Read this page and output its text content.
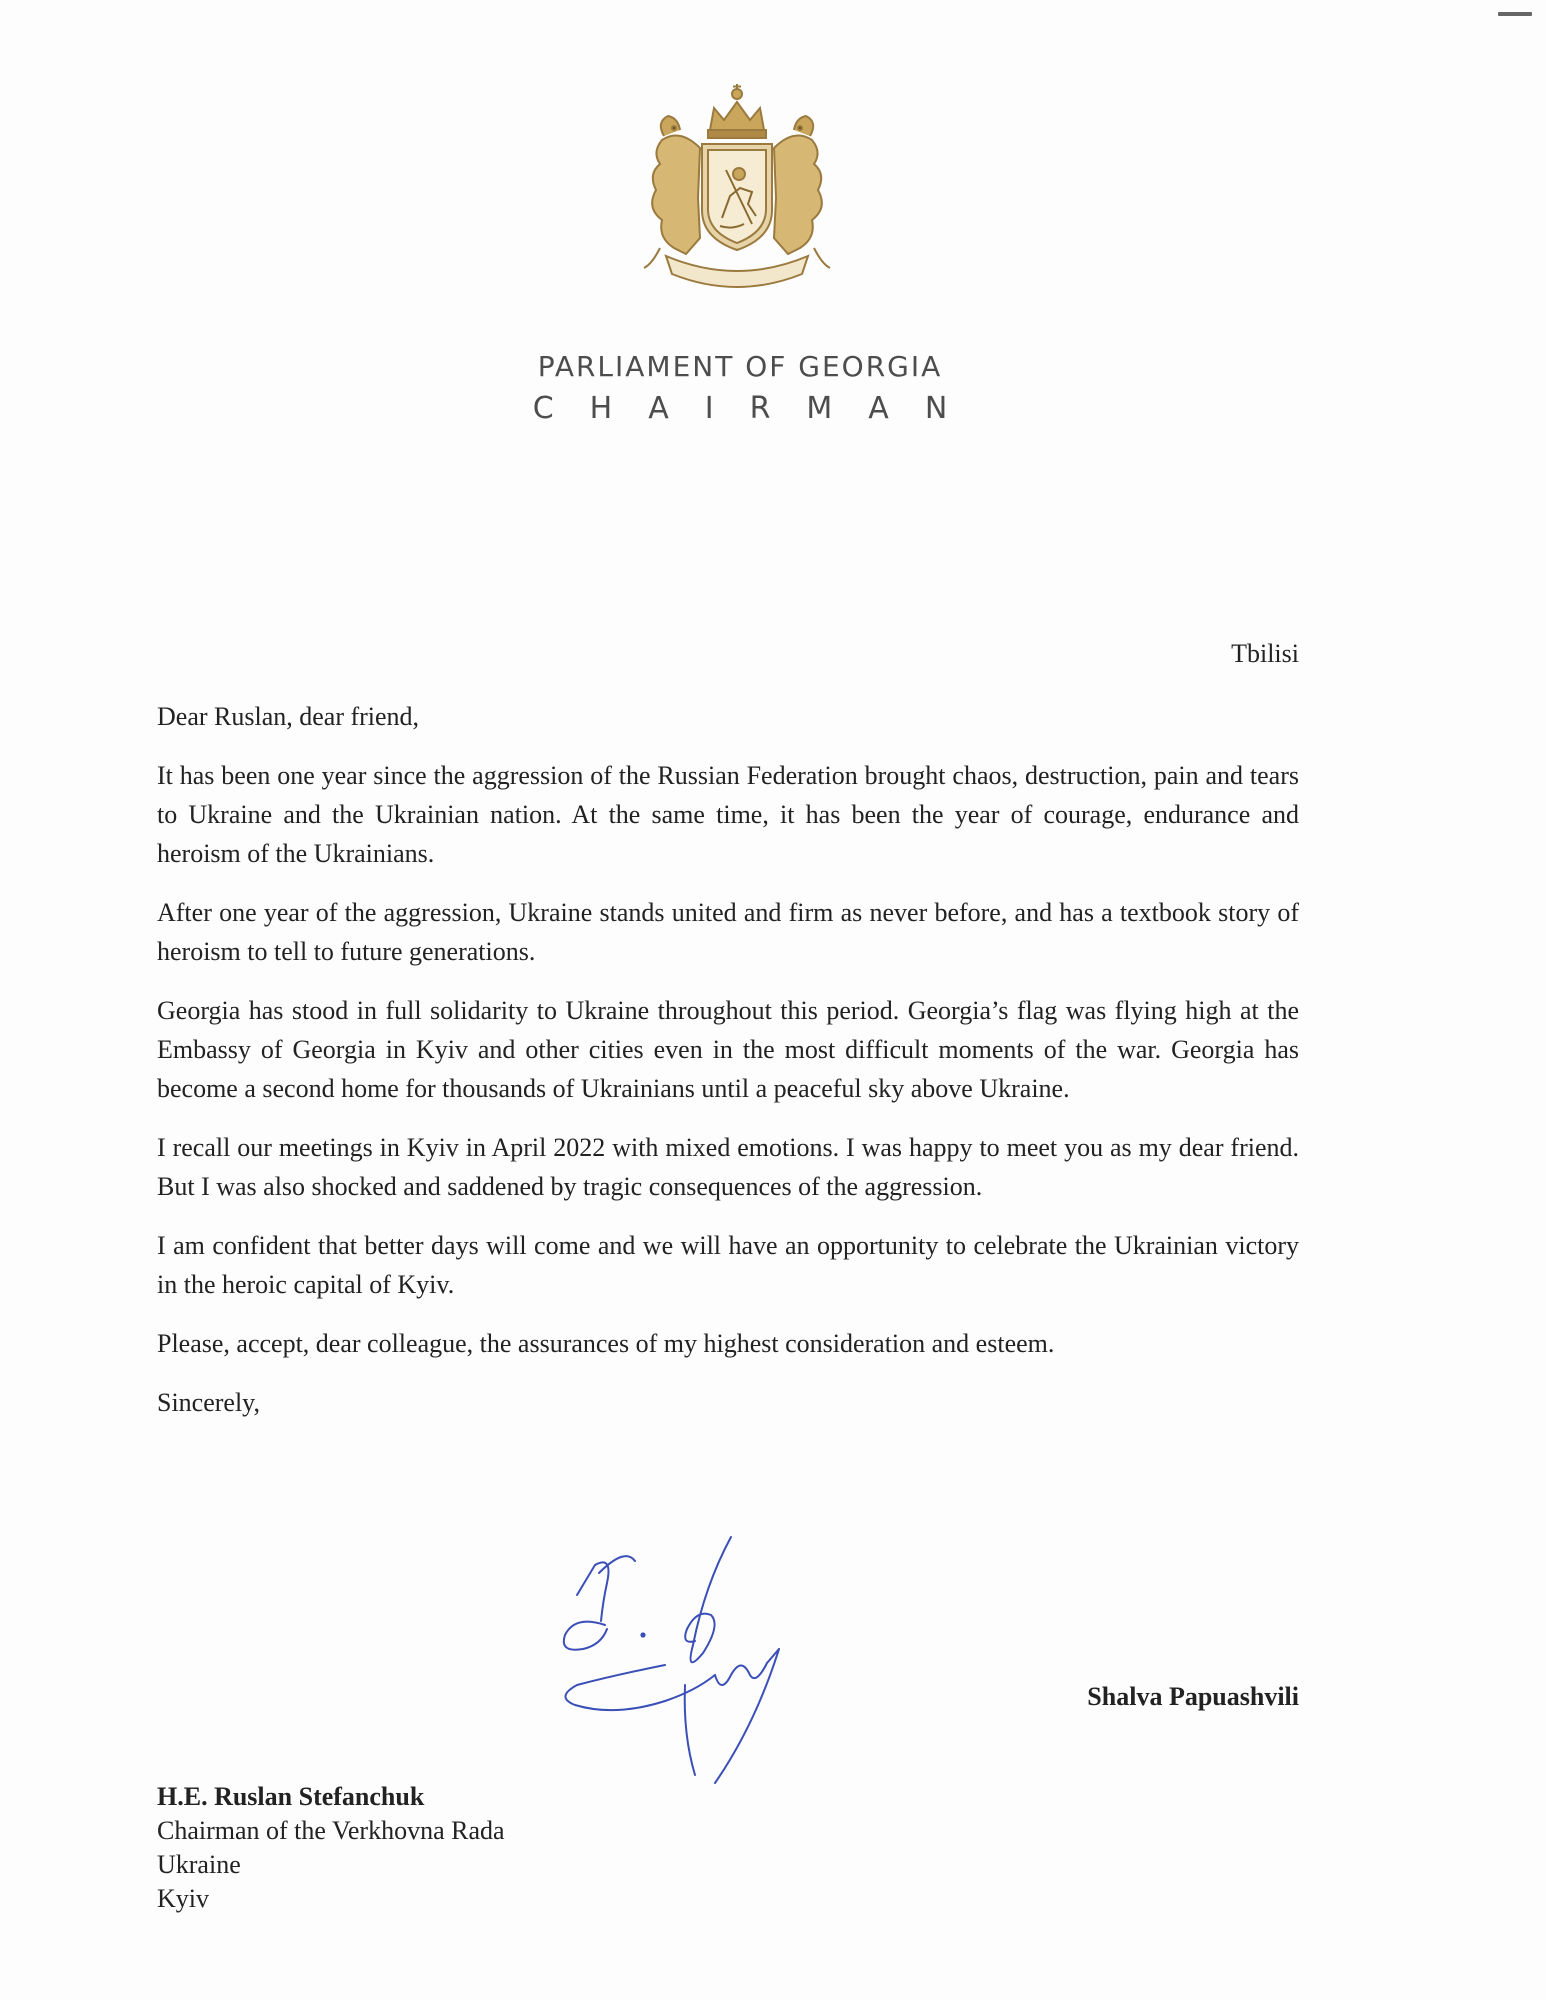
PARLIAMENT OF GEORGIA
CHAIRMAN
Tbilisi

Dear Ruslan, dear friend,

It has been one year since the aggression of the Russian Federation brought chaos, destruction, pain and tears to Ukraine and the Ukrainian nation. At the same time, it has been the year of courage, endurance and heroism of the Ukrainians.

After one year of the aggression, Ukraine stands united and firm as never before, and has a textbook story of heroism to tell to future generations.

Georgia has stood in full solidarity to Ukraine throughout this period. Georgia’s flag was flying high at the Embassy of Georgia in Kyiv and other cities even in the most difficult moments of the war. Georgia has become a second home for thousands of Ukrainians until a peaceful sky above Ukraine.

I recall our meetings in Kyiv in April 2022 with mixed emotions. I was happy to meet you as my dear friend. But I was also shocked and saddened by tragic consequences of the aggression.

I am confident that better days will come and we will have an opportunity to celebrate the Ukrainian victory in the heroic capital of Kyiv.

Please, accept, dear colleague, the assurances of my highest consideration and esteem.

Sincerely,

Shalva Papuashvili
H.E. Ruslan Stefanchuk
Chairman of the Verkhovna Rada
Ukraine
Kyiv
